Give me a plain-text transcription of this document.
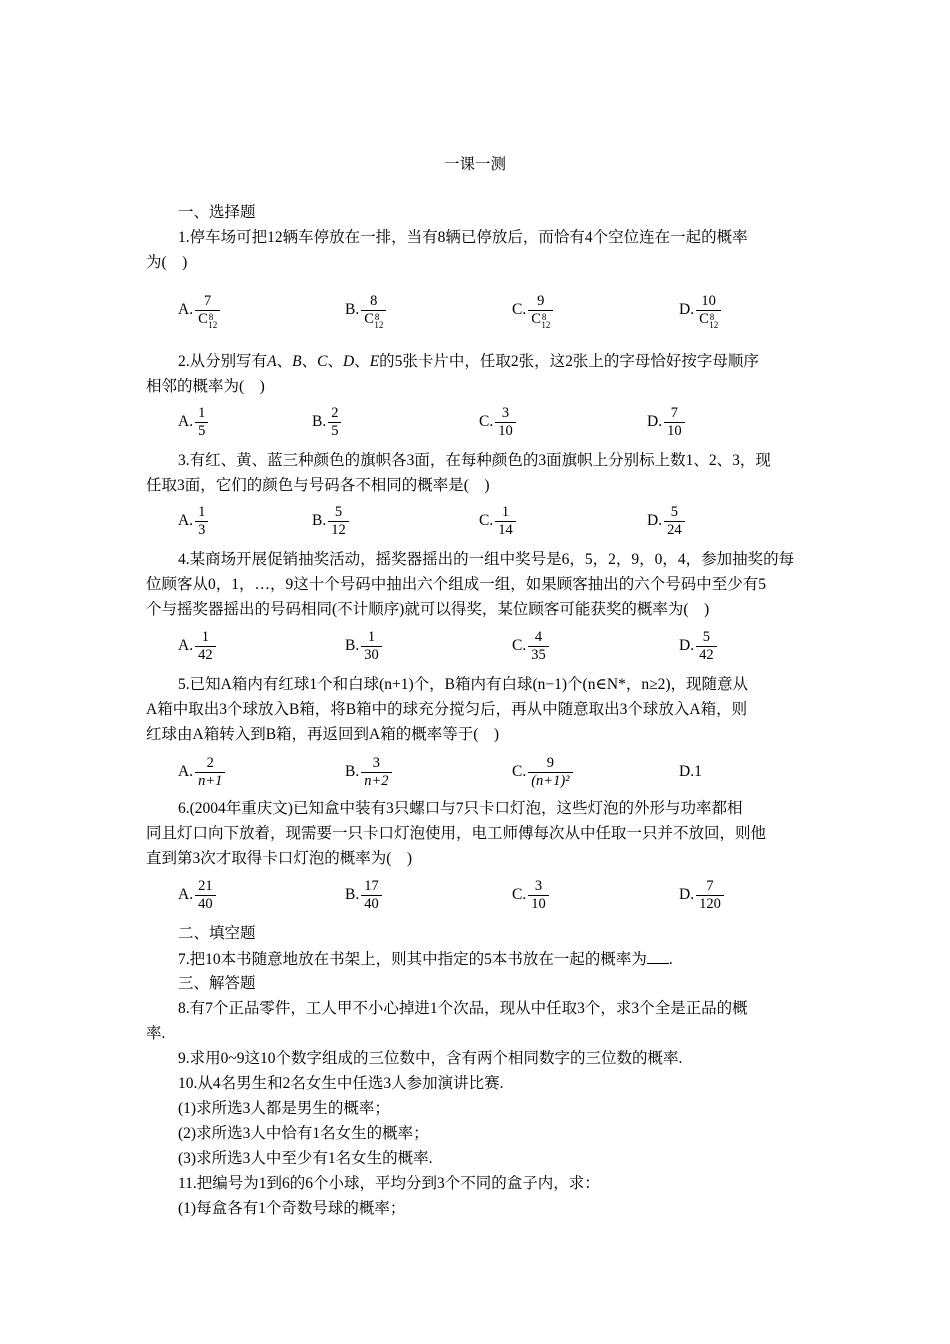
一课一测
一、选择题
1.停车场可把12辆车停放在一排，当有8辆已停放后，而恰有4个空位连在一起的概率
为(　)
A. 7
$C^8$
$_{12}$	B. 8
$C^8$
$_{12}$	C. 9
$C^8$
$_{12}$	D. 10
$C^8$
$_{12}$
2.从分别写有A、B、C、D、E的5张卡片中，任取2张，这2张上的字母恰好按字母顺序
相邻的概率为(　)
A. $\frac{1}{5}$	B. $\frac{2}{5}$	C. $\frac{3}{10}$	D. $\frac{7}{10}$
3.有红、黄、蓝三种颜色的旗帜各3面，在每种颜色的3面旗帜上分别标上数1、2、3，现
任取3面，它们的颜色与号码各不相同的概率是(　)
A. $\frac{1}{3}$	B. $\frac{5}{12}$	C. $\frac{1}{14}$	D. $\frac{5}{24}$
4.某商场开展促销抽奖活动，摇奖器摇出的一组中奖号是6，5，2，9，0，4，参加抽奖的每
位顾客从0，1，…，9这十个号码中抽出六个组成一组，如果顾客抽出的六个号码中至少有5
个与摇奖器摇出的号码相同(不计顺序)就可以得奖，某位顾客可能获奖的概率为(　)
A. $\frac{1}{42}$	B. $\frac{1}{30}$	C. $\frac{4}{35}$	D. $\frac{5}{42}$
5.已知A箱内有红球1个和白球(n+1)个，B箱内有白球(n−1)个(n∈N*，n≥2)，现随意从
A箱中取出3个球放入B箱，将B箱中的球充分搅匀后，再从中随意取出3个球放入A箱，则
红球由A箱转入到B箱，再返回到A箱的概率等于(　)
A. $\frac{2}{n+1}$	B. $\frac{3}{n+2}$	C. $\frac{9}{\text{(n+1)²}}$	D.1
6.(2004年重庆文)已知盒中装有3只螺口与7只卡口灯泡，这些灯泡的外形与功率都相
同且灯口向下放着，现需要一只卡口灯泡使用，电工师傅每次从中任取一只并不放回，则他
直到第3次才取得卡口灯泡的概率为(　)
A. $\frac{21}{40}$	B. $\frac{17}{40}$	C. $\frac{3}{10}$	D. $\frac{7}{120}$
二、填空题
7.把10本书随意地放在书架上，则其中指定的5本书放在一起的概率为 .
三、解答题
8.有7个正品零件，工人甲不小心掉进1个次品，现从中任取3个，求3个全是正品的概
率.
9.求用0~9这10个数字组成的三位数中，含有两个相同数字的三位数的概率.
10.从4名男生和2名女生中任选3人参加演讲比赛.
(1)求所选3人都是男生的概率；
(2)求所选3人中恰有1名女生的概率；
(3)求所选3人中至少有1名女生的概率.
11.把编号为1到6的6个小球，平均分到3个不同的盒子内，求：
(1)每盒各有1个奇数号球的概率；
